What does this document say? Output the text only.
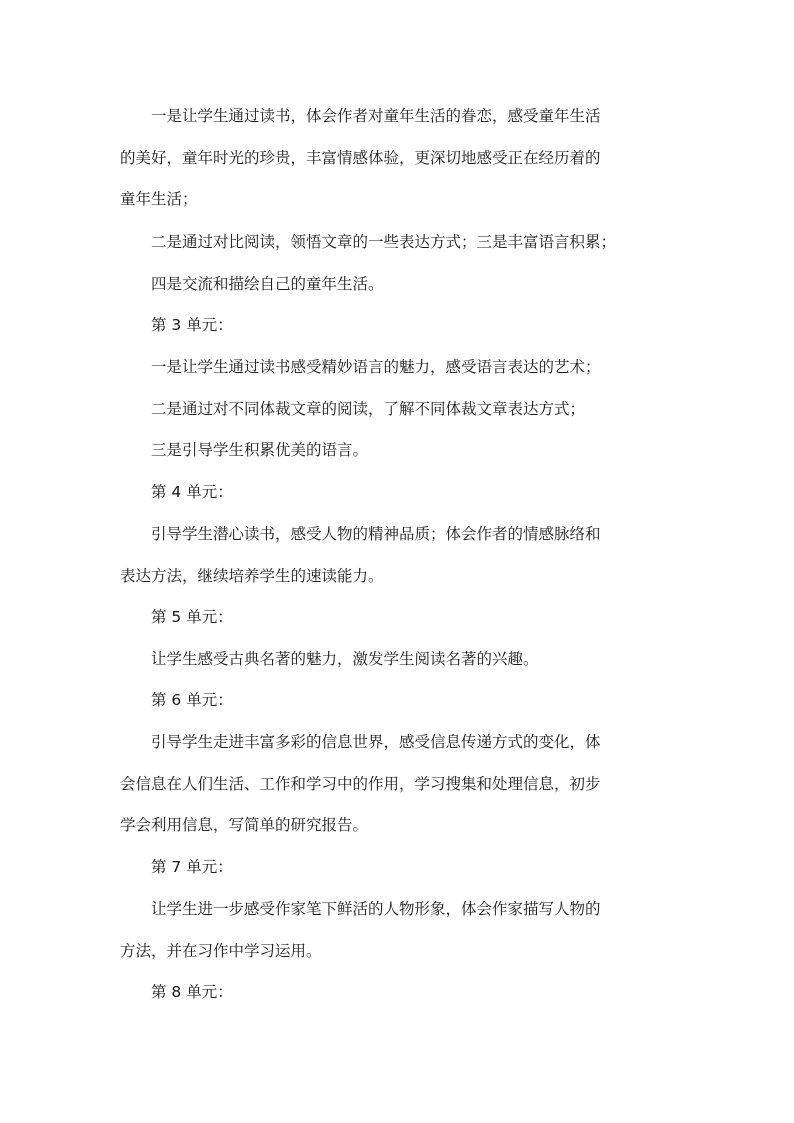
一是让学生通过读书，体会作者对童年生活的眷恋，感受童年生活
的美好，童年时光的珍贵，丰富情感体验，更深切地感受正在经历着的
童年生活；

二是通过对比阅读，领悟文章的一些表达方式；三是丰富语言积累；

四是交流和描绘自己的童年生活。

第 3 单元：

一是让学生通过读书感受精妙语言的魅力，感受语言表达的艺术；

二是通过对不同体裁文章的阅读，了解不同体裁文章表达方式；

三是引导学生积累优美的语言。

第 4 单元：

引导学生潜心读书，感受人物的精神品质；体会作者的情感脉络和
表达方法，继续培养学生的速读能力。

第 5 单元：

让学生感受古典名著的魅力，激发学生阅读名著的兴趣。

第 6 单元：

引导学生走进丰富多彩的信息世界，感受信息传递方式的变化，体
会信息在人们生活、工作和学习中的作用，学习搜集和处理信息，初步
学会利用信息，写简单的研究报告。

第 7 单元：

让学生进一步感受作家笔下鲜活的人物形象，体会作家描写人物的
方法，并在习作中学习运用。

第 8 单元：
